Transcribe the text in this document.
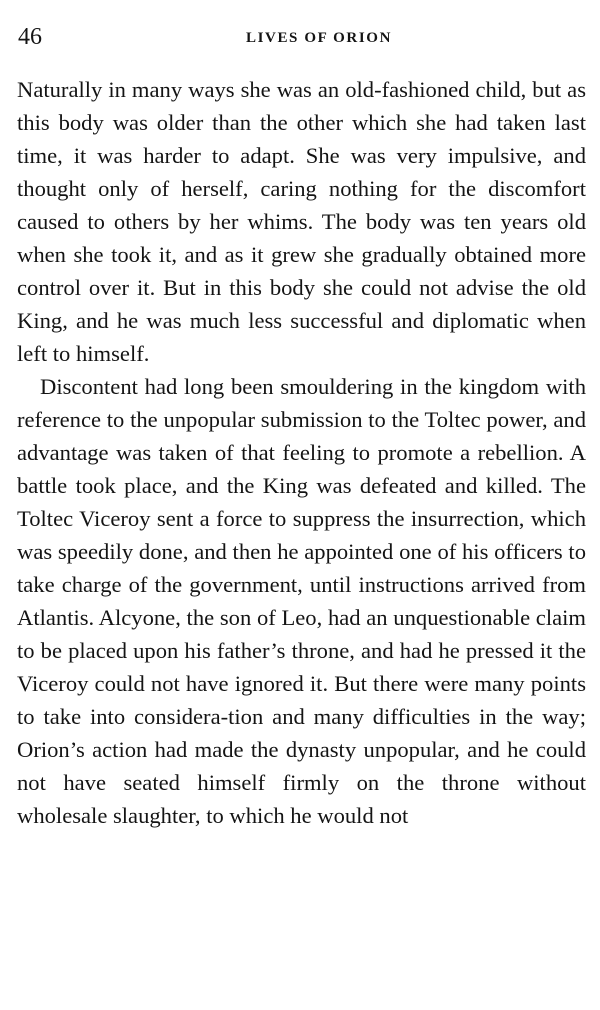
46	LIVES OF ORION

Naturally in many ways she was an old-fashioned child, but as this body was older than the other which she had taken last time, it was harder to adapt. She was very impulsive, and thought only of herself, caring nothing for the discomfort caused to others by her whims. The body was ten years old when she took it, and as it grew she gradually obtained more control over it. But in this body she could not advise the old King, and he was much less successful and diplomatic when left to himself.

Discontent had long been smouldering in the kingdom with reference to the unpopular submission to the Toltec power, and advantage was taken of that feeling to promote a rebellion. A battle took place, and the King was defeated and killed. The Toltec Viceroy sent a force to suppress the insurrection, which was speedily done, and then he appointed one of his officers to take charge of the government, until instructions arrived from Atlantis. Alcyone, the son of Leo, had an unquestionable claim to be placed upon his father’s throne, and had he pressed it the Viceroy could not have ignored it. But there were many points to take into considera-tion and many difficulties in the way; Orion’s action had made the dynasty unpopular, and he could not have seated himself firmly on the throne without wholesale slaughter, to which he would not
